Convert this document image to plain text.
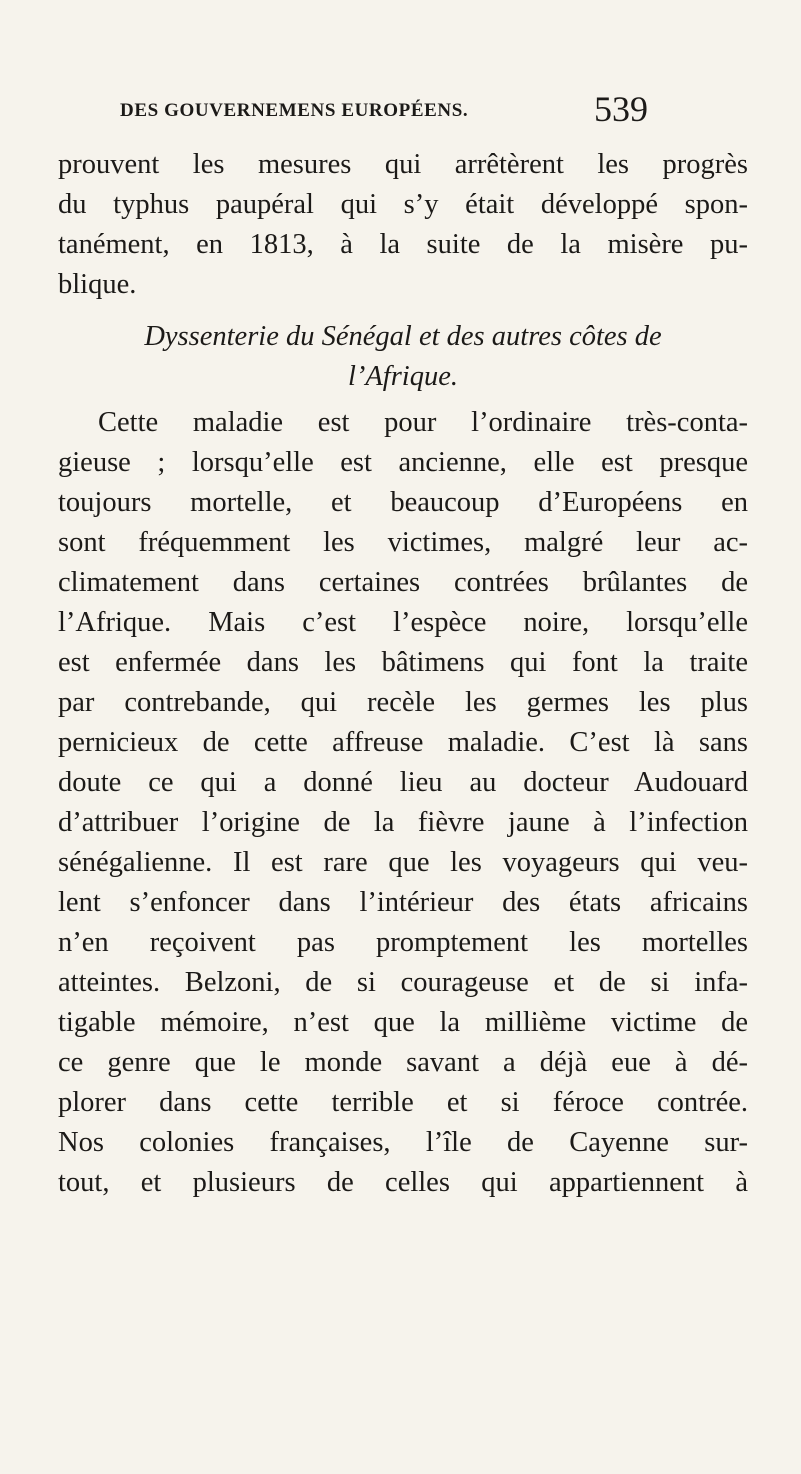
DES GOUVERNEMENS EUROPÉENS.	539
prouvent les mesures qui arrêtèrent les progrès
du typhus paupéral qui s’y était développé spon-
tanément, en 1813, à la suite de la misère pu-
blique.
Dyssenterie du Sénégal et des autres côtes de
l’Afrique.
Cette maladie est pour l’ordinaire très-conta-
gieuse ; lorsqu’elle est ancienne, elle est presque
toujours mortelle, et beaucoup d’Européens en
sont fréquemment les victimes, malgré leur ac-
climatement dans certaines contrées brûlantes de
l’Afrique. Mais c’est l’espèce noire, lorsqu’elle
est enfermée dans les bâtimens qui font la traite
par contrebande, qui recèle les germes les plus
pernicieux de cette affreuse maladie. C’est là sans
doute ce qui a donné lieu au docteur Audouard
d’attribuer l’origine de la fièvre jaune à l’infection
sénégalienne. Il est rare que les voyageurs qui veu-
lent s’enfoncer dans l’intérieur des états africains
n’en reçoivent pas promptement les mortelles
atteintes. Belzoni, de si courageuse et de si infa-
tigable mémoire, n’est que la millième victime de
ce genre que le monde savant a déjà eue à dé-
plorer dans cette terrible et si féroce contrée.
Nos colonies françaises, l’île de Cayenne sur-
tout, et plusieurs de celles qui appartiennent à
